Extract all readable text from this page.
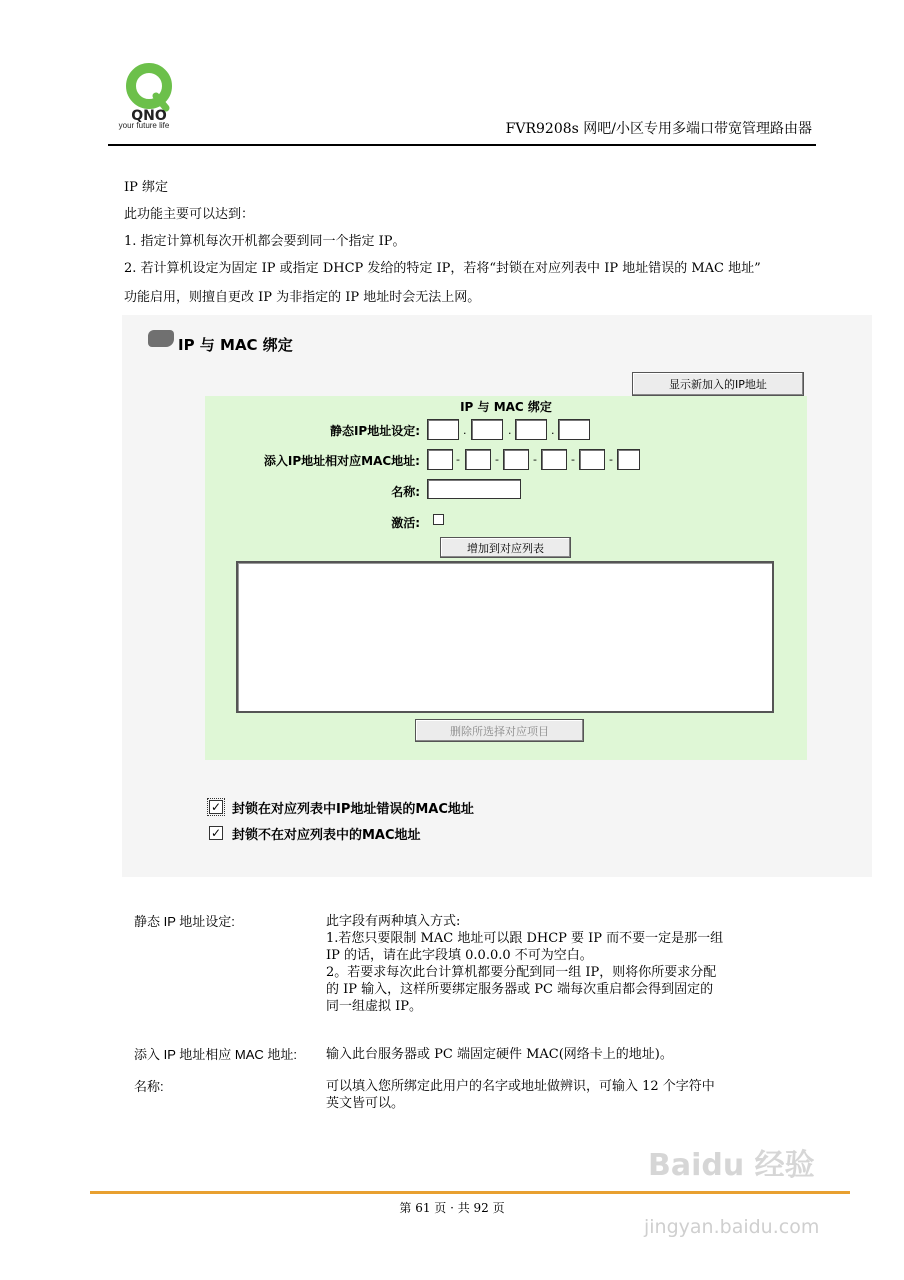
QNO
your future life	FVR9208s 网吧/小区专用多端口带宽管理路由器

IP 绑定

此功能主要可以达到：

1. 指定计算机每次开机都会要到同一个指定 IP。

2. 若计算机设定为固定 IP 或指定 DHCP 发给的特定 IP，若将“封锁在对应列表中 IP 地址错误的 MAC 地址”

功能启用，则擅自更改 IP 为非指定的 IP 地址时会无法上网。

IP 与 MAC 绑定
显示新加入的IP地址
IP 与 MAC 绑定
静态IP地址设定:	.	.	.
添入IP地址相对应MAC地址:	-	-	-	-	-
名称:
激活:
增加到对应列表
删除所选择对应项目
✓ 封锁在对应列表中IP地址错误的MAC地址
✓ 封锁不在对应列表中的MAC地址
静态 IP 地址设定:	此字段有两种填入方式:
1.若您只要限制 MAC 地址可以跟 DHCP 要 IP 而不要一定是那一组
IP 的话，请在此字段填 0.0.0.0 不可为空白。
2。若要求每次此台计算机都要分配到同一组 IP，则将你所要求分配
的 IP 输入，这样所要绑定服务器或 PC 端每次重启都会得到固定的
同一组虚拟 IP。
添入 IP 地址相应 MAC 地址: 输入此台服务器或 PC 端固定硬件 MAC(网络卡上的地址)。
名称:	可以填入您所绑定此用户的名字或地址做辨识，可输入 12 个字符中
英文皆可以。
Baidu 经验
第 61 页 · 共 92 页
jingyan.baidu.com
